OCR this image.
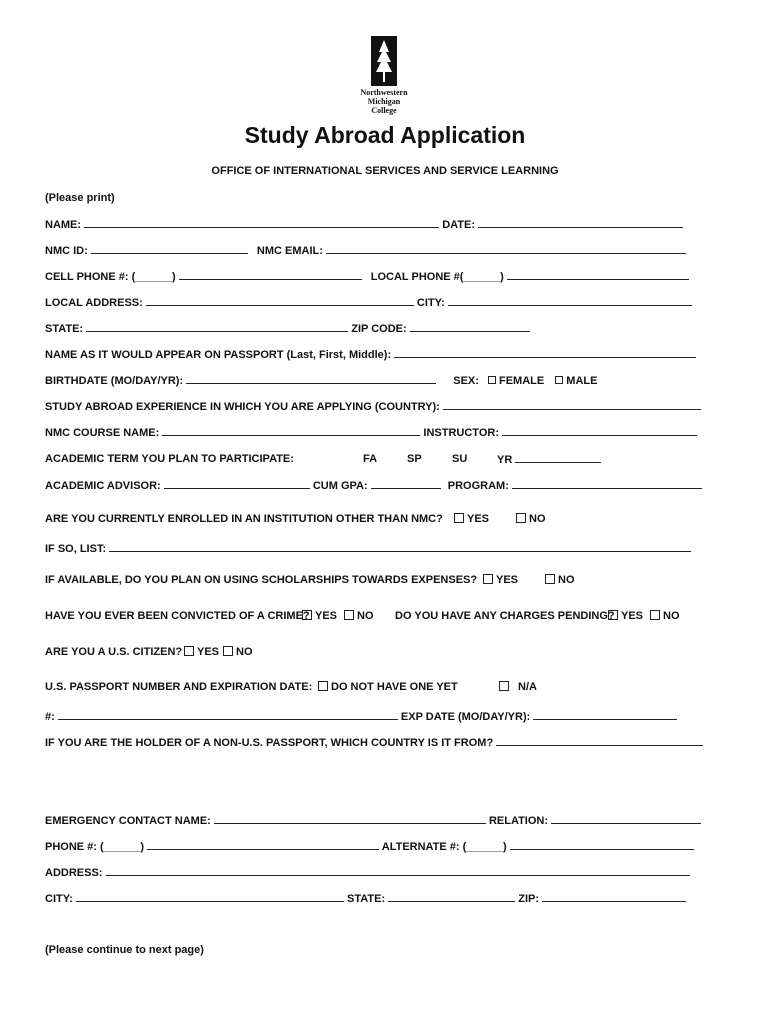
Northwestern
Michigan
College
Study Abroad Application
OFFICE OF INTERNATIONAL SERVICES AND SERVICE LEARNING
(Please print)
NAME:	DATE:
NMC ID:	NMC EMAIL:
CELL PHONE #: (______)	LOCAL PHONE #(______)
LOCAL ADDRESS:	CITY:
STATE:	ZIP CODE:
NAME AS IT WOULD APPEAR ON PASSPORT (Last, First, Middle):
BIRTHDATE (MO/DAY/YR):	SEX: FEMALE MALE
STUDY ABROAD EXPERIENCE IN WHICH YOU ARE APPLYING (COUNTRY):
NMC COURSE NAME:	INSTRUCTOR:
ACADEMIC TERM YOU PLAN TO PARTICIPATE:	FA	SP	SU	YR
ACADEMIC ADVISOR:	CUM GPA:	PROGRAM:
ARE YOU CURRENTLY ENROLLED IN AN INSTITUTION OTHER THAN NMC?	YES	NO
IF SO, LIST:
IF AVAILABLE, DO YOU PLAN ON USING SCHOLARSHIPS TOWARDS EXPENSES?	YES	NO
HAVE YOU EVER BEEN CONVICTED OF A CRIME? YES	NO DO YOU HAVE ANY CHARGES PENDING? YES	NO
ARE YOU A U.S. CITIZEN?	YES	NO
U.S. PASSPORT NUMBER AND EXPIRATION DATE:	DO NOT HAVE ONE YET	N/A
#:	EXP DATE (MO/DAY/YR):
IF YOU ARE THE HOLDER OF A NON-U.S. PASSPORT, WHICH COUNTRY IS IT FROM?
EMERGENCY CONTACT NAME:	RELATION:
PHONE #: (______)	ALTERNATE #: (______)
ADDRESS:
CITY:	STATE:	ZIP:
(Please continue to next page)
